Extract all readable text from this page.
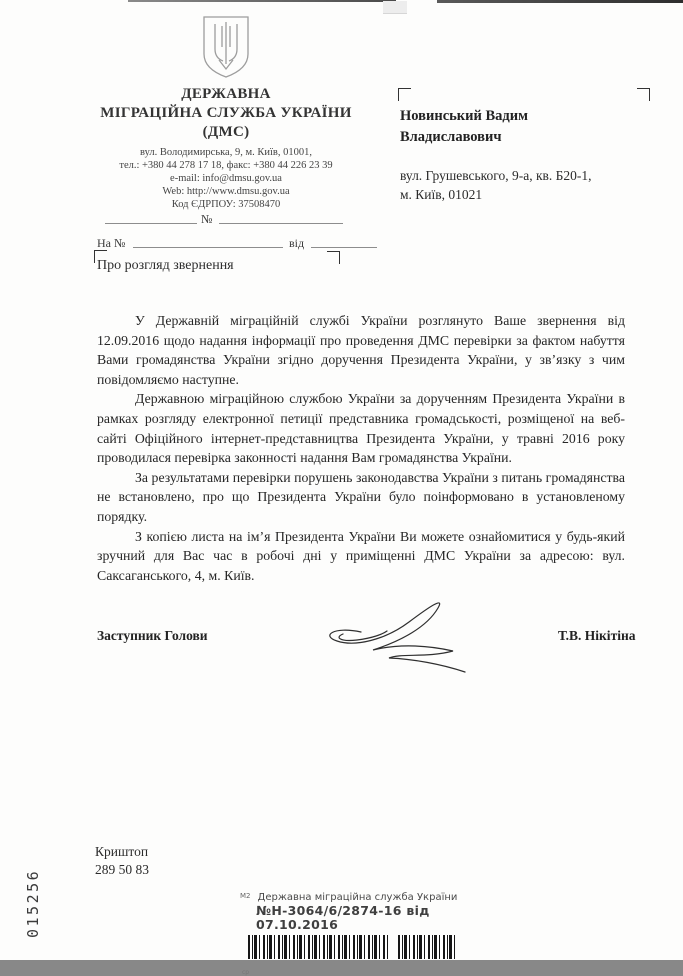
ДЕРЖАВНА
МІГРАЦІЙНА СЛУЖБА УКРАЇНИ
(ДМС)
вул. Володимирська, 9, м. Київ, 01001,
тел.: +380 44 278 17 18, факс: +380 44 226 23 39
e-mail: info@dmsu.gov.ua
Web: http://www.dmsu.gov.ua
Код ЄДРПОУ: 37508470
Новинський Вадим
Владиславович
вул. Грушевського, 9-а, кв. Б20-1,
м. Київ, 01021
№
На №	від
Про розгляд звернення

У Державній міграційній службі України розглянуто Ваше звернення від 12.09.2016 щодо надання інформації про проведення ДМС перевірки за фактом набуття Вами громадянства України згідно доручення Президента України, у зв’язку з чим повідомляємо наступне.

Державною міграційною службою України за дорученням Президента України в рамках розгляду електронної петиції представника громадськості, розміщеної на веб-сайті Офіційного інтернет-представництва Президента України, у травні 2016 року проводилася перевірка законності надання Вам громадянства України.

За результатами перевірки порушень законодавства України з питань громадянства не встановлено, про що Президента України було поінформовано в установленому порядку.

З копією листа на ім’я Президента України Ви можете ознайомитися у будь-який зручний для Вас час в робочі дні у приміщенні ДМС України за адресою: вул. Саксаганського, 4, м. Київ.

Заступник Голови	Т.В. Нікітіна
Криштоп
289 50 83
015256	$^{М2}$ Державна міграційна служба України
№Н-3064/6/2874-16 від 07.10.2016
ср
